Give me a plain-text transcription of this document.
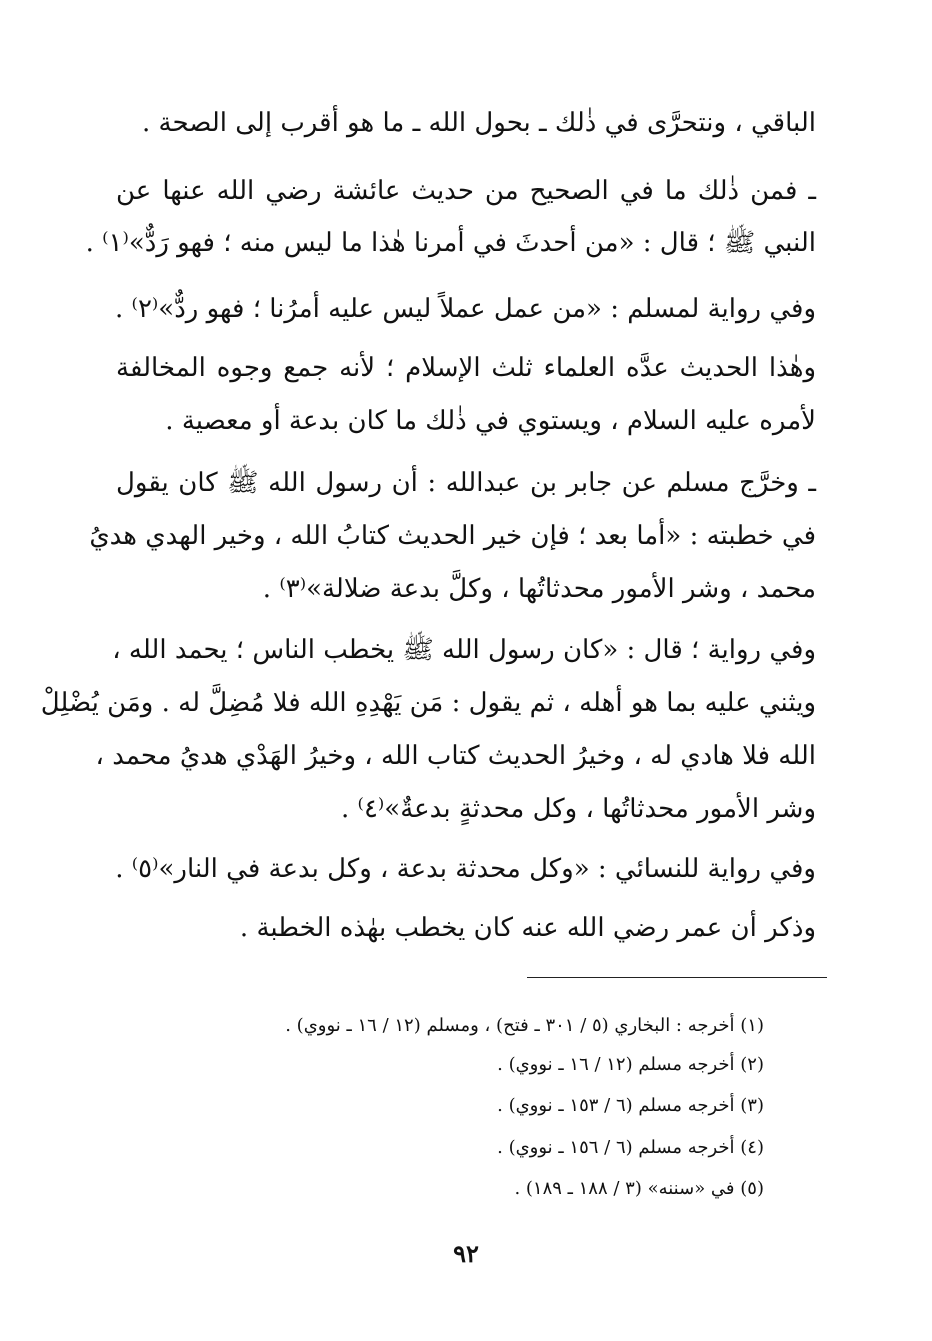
الباقي ، ونتحرَّى في ذٰلك ـ بحول الله ـ ما هو أقرب إلى الصحة .
ـ فمن ذٰلك ما في الصحيح من حديث عائشة رضي الله عنها عن
النبي ﷺ ؛ قال : «من أحدثَ في أمرنا هٰذا ما ليس منه ؛ فهو رَدٌّ»⁽١⁾ .
وفي رواية لمسلم : «من عمل عملاً ليس عليه أمرُنا ؛ فهو ردٌّ»⁽٢⁾ .
وهٰذا الحديث عدَّه العلماء ثلث الإسلام ؛ لأنه جمع وجوه المخالفة
لأمره عليه السلام ، ويستوي في ذٰلك ما كان بدعة أو معصية .
ـ وخرَّج مسلم عن جابر بن عبدالله : أن رسول الله ﷺ كان يقول
في خطبته : «أما بعد ؛ فإن خير الحديث كتابُ الله ، وخير الهدي هديُ
محمد ، وشر الأمور محدثاتُها ، وكلَّ بدعة ضلالة»⁽٣⁾ .
وفي رواية ؛ قال : «كان رسول الله ﷺ يخطب الناس ؛ يحمد الله ،
ويثني عليه بما هو أهله ، ثم يقول : مَن يَهْدِهِ الله فلا مُضِلَّ له . ومَن يُضْلِلْ
الله فلا هادي له ، وخيرُ الحديث كتاب الله ، وخيرُ الهَدْي هديُ محمد ،
وشر الأمور محدثاتُها ، وكل محدثةٍ بدعةٌ»⁽٤⁾ .
وفي رواية للنسائي : «وكل محدثة بدعة ، وكل بدعة في النار»⁽٥⁾ .
وذكر أن عمر رضي الله عنه كان يخطب بهٰذه الخطبة .
(١) أخرجه : البخاري (٥ / ٣٠١ ـ فتح) ، ومسلم (١٢ / ١٦ ـ نووي) .
(٢) أخرجه مسلم (١٢ / ١٦ ـ نووي) .
(٣) أخرجه مسلم (٦ / ١٥٣ ـ نووي) .
(٤) أخرجه مسلم (٦ / ١٥٦ ـ نووي) .
(٥) في «سننه» (٣ / ١٨٨ ـ ١٨٩) .
٩٢
